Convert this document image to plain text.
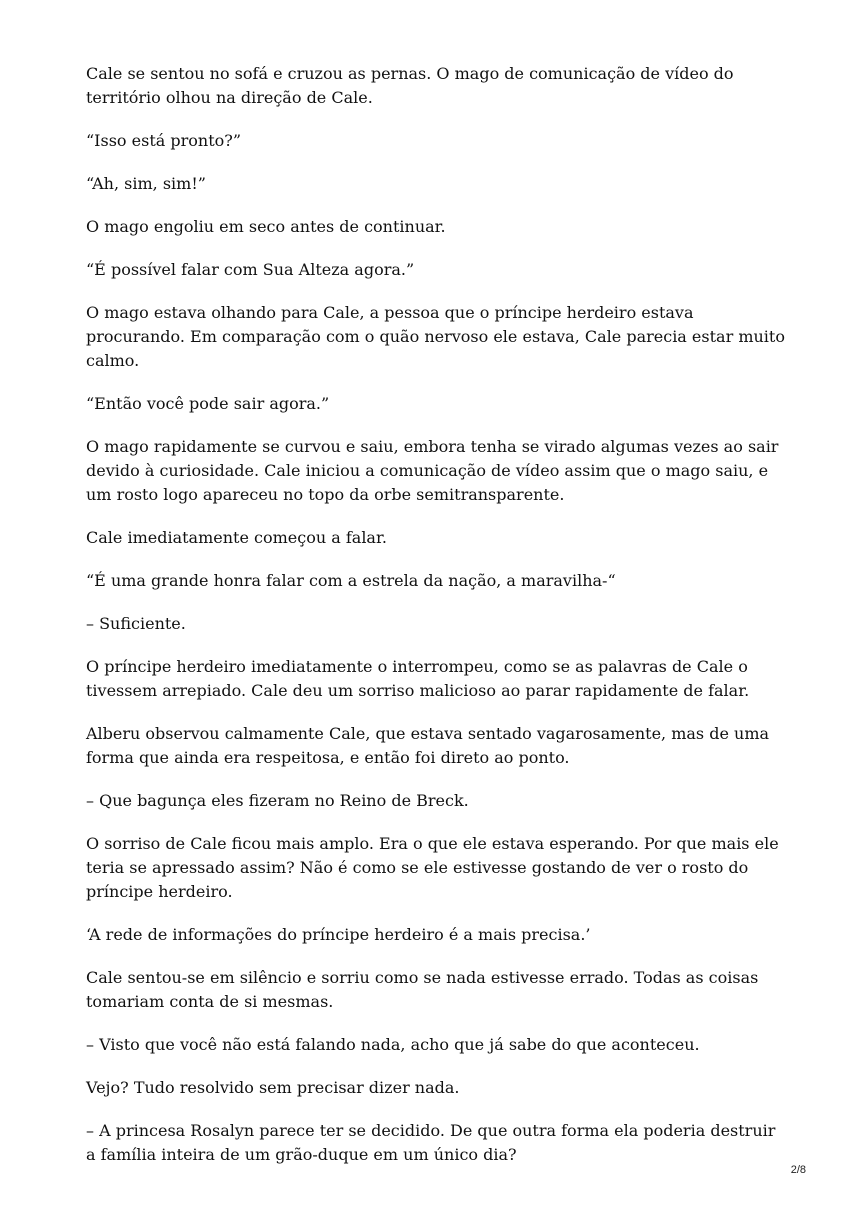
Cale se sentou no sofá e cruzou as pernas. O mago de comunicação de vídeo do território olhou na direção de Cale.

“Isso está pronto?”

“Ah, sim, sim!”

O mago engoliu em seco antes de continuar.

“É possível falar com Sua Alteza agora.”

O mago estava olhando para Cale, a pessoa que o príncipe herdeiro estava procurando. Em comparação com o quão nervoso ele estava, Cale parecia estar muito calmo.

“Então você pode sair agora.”

O mago rapidamente se curvou e saiu, embora tenha se virado algumas vezes ao sair devido à curiosidade. Cale iniciou a comunicação de vídeo assim que o mago saiu, e um rosto logo apareceu no topo da orbe semitransparente.

Cale imediatamente começou a falar.

“É uma grande honra falar com a estrela da nação, a maravilha-“

– Suficiente.

O príncipe herdeiro imediatamente o interrompeu, como se as palavras de Cale o tivessem arrepiado. Cale deu um sorriso malicioso ao parar rapidamente de falar.

Alberu observou calmamente Cale, que estava sentado vagarosamente, mas de uma forma que ainda era respeitosa, e então foi direto ao ponto.

– Que bagunça eles fizeram no Reino de Breck.

O sorriso de Cale ficou mais amplo. Era o que ele estava esperando. Por que mais ele teria se apressado assim? Não é como se ele estivesse gostando de ver o rosto do príncipe herdeiro.

‘A rede de informações do príncipe herdeiro é a mais precisa.’

Cale sentou-se em silêncio e sorriu como se nada estivesse errado. Todas as coisas tomariam conta de si mesmas.

– Visto que você não está falando nada, acho que já sabe do que aconteceu.

Vejo? Tudo resolvido sem precisar dizer nada.

– A princesa Rosalyn parece ter se decidido. De que outra forma ela poderia destruir a família inteira de um grão-duque em um único dia?

2/8
